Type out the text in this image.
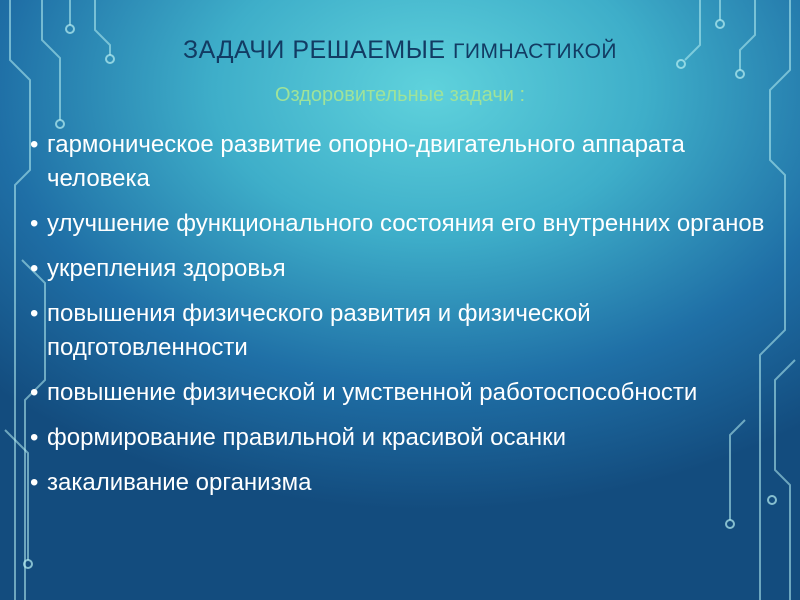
ЗАДАЧИ РЕШАЕМЫЕ ГИМНАСТИКОЙ
Оздоровительные задачи :
• гармоническое развитие опорно-двигательного аппарата человека
• улучшение функционального состояния его внутренних органов
• укрепления здоровья
• повышения физического развития и физической подготовленности
• повышение физической и умственной работоспособности
• формирование правильной и красивой осанки
• закаливание организма
